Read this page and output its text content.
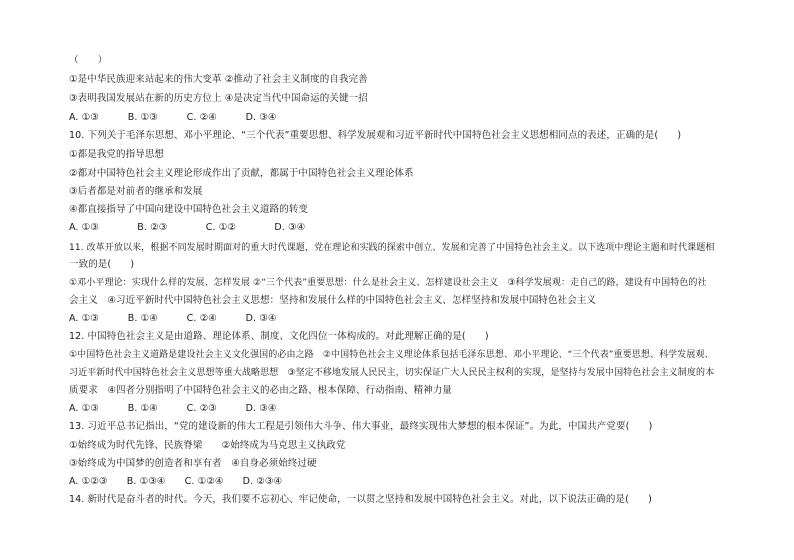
（　　）
①是中华民族迎来站起来的伟大变革 ②推动了社会主义制度的自我完善
③表明我国发展站在新的历史方位上 ④是决定当代中国命运的关键一招
A. ①③　　　B. ①③　　　C. ②④　　　D. ③④
10. 下列关于毛泽东思想、邓小平理论、“三个代表”重要思想、科学发展观和习近平新时代中国特色社会主义思想相同点的表述，正确的是(　　)
①都是我党的指导思想
②都对中国特色社会主义理论形成作出了贡献，都属于中国特色社会主义理论体系
③后者都是对前者的继承和发展
④都直接指导了中国向建设中国特色社会主义道路的转变
A. ①③　　　　B. ②③　　　　C. ①②　　　　D. ③④
11. 改革开放以来，根据不同发展时期面对的重大时代课题，党在理论和实践的探索中创立、发展和完善了中国特色社会主义。以下选项中理论主题和时代课题相
一致的是(　　)
①邓小平理论：实现什么样的发展、怎样发展 ②“三个代表”重要思想：什么是社会主义、怎样建设社会主义　③科学发展观：走自己的路，建设有中国特色的社
会主义　④习近平新时代中国特色社会主义思想：坚持和发展什么样的中国特色社会主义、怎样坚持和发展中国特色社会主义
A. ①③　　　B. ①④　　　C. ②④　　　D. ③④
12. 中国特色社会主义是由道路、理论体系、制度、文化四位一体构成的。对此理解正确的是(　　)
①中国特色社会主义道路是建设社会主义文化强国的必由之路　②中国特色社会主义理论体系包括毛泽东思想、邓小平理论、“三个代表”重要思想、科学发展观、
习近平新时代中国特色社会主义思想等重大战略思想　③坚定不移地发展人民民主，切实保证广大人民民主权利的实现，是坚持与发展中国特色社会主义制度的本
质要求　④四者分别指明了中国特色社会主义的必由之路、根本保障、行动指南、精神力量
A. ①③　　　B. ①④　　　C. ②③　　　D. ③④
13. 习近平总书记指出，“党的建设新的伟大工程是引领伟大斗争、伟大事业，最终实现伟大梦想的根本保证”。为此，中国共产党要(　　)
①始终成为时代先锋、民族脊梁　　②始终成为马克思主义执政党
③始终成为中国梦的创造者和享有者　④自身必须始终过硬
A. ①②③　　B. ①③④　　C. ①②④　　D. ②③④
14. 新时代是奋斗者的时代。今天，我们要不忘初心、牢记使命，一以贯之坚持和发展中国特色社会主义。对此，以下说法正确的是(　　)
